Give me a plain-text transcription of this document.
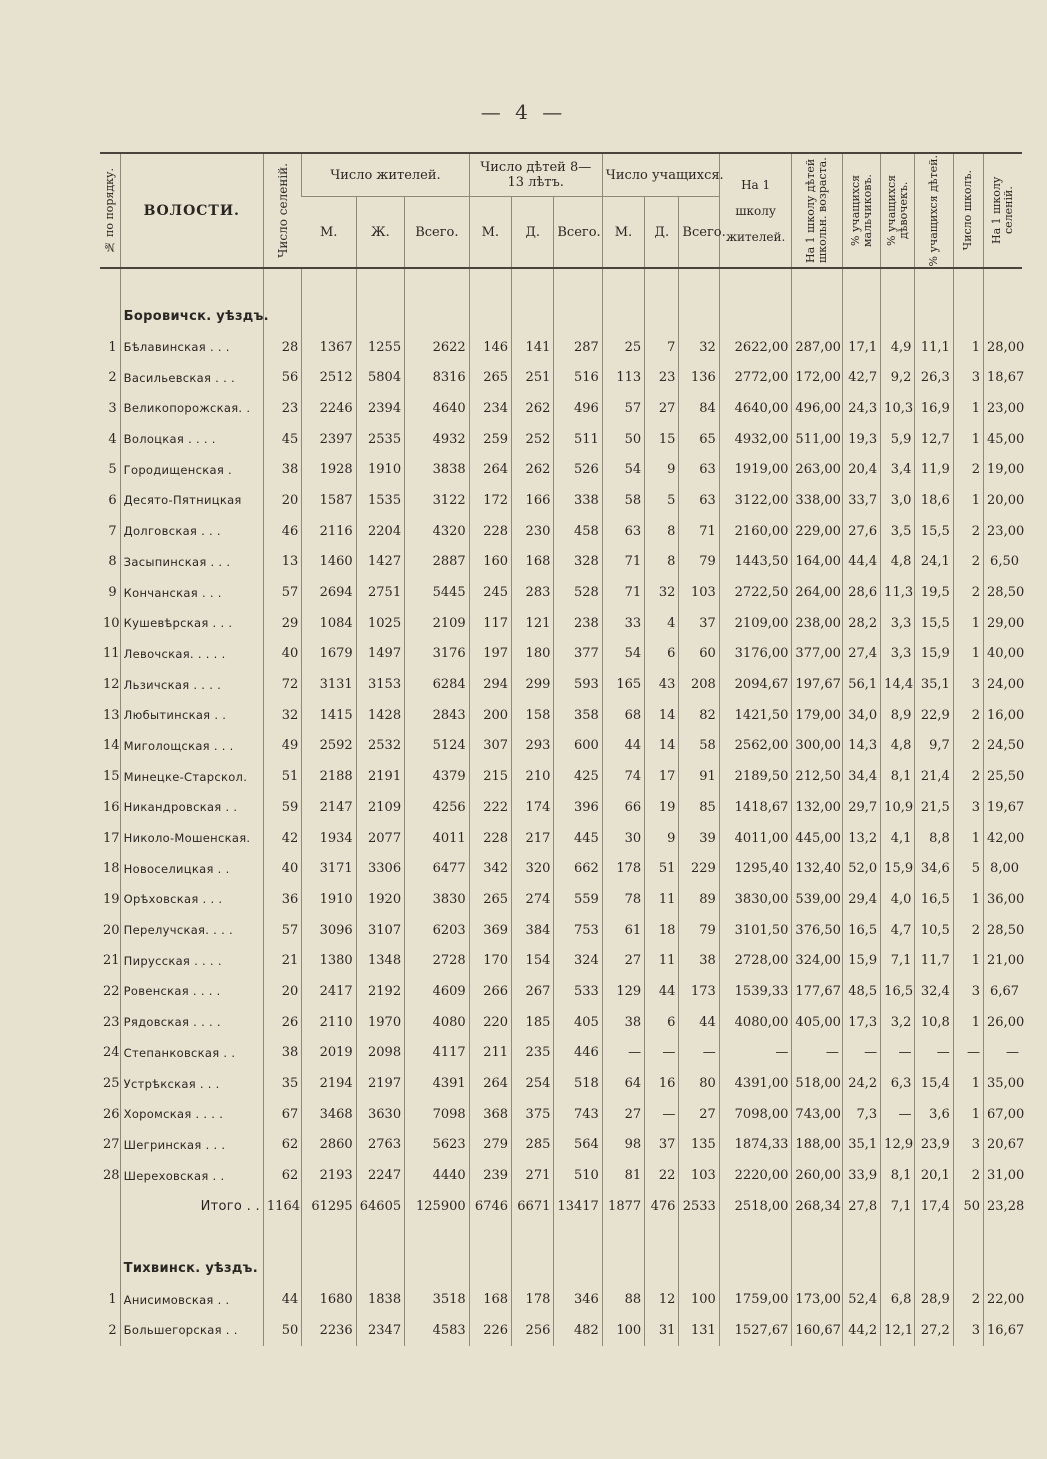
— 4 —
№ по порядку.	ВОЛОСТИ.	Число селеній.	Число жителей.			Число дѣтей 8—13 лѣтъ.			Число учащихся.			На 1 школу жителей.	На 1 школу дѣтей школьн. возраста.	% учащихся мальчиковъ.	% учащихся дѣвочекъ.	% учащихся дѣтей.	Число школъ.	На 1 школу селеній.

			М.	Ж.	Всего.	М.	Д.	Всего.	М.	Д.	Всего.							

	Боровичск. уѣздъ.																	
1	Бѣлавинская . . .	28	1367	1255	2622	146	141	287	25	7	32	2622,00	287,00	17,1	4,9	11,1	1	28,00
2	Васильевская . . .	56	2512	5804	8316	265	251	516	113	23	136	2772,00	172,00	42,7	9,2	26,3	3	18,67
3	Великопорожская. .	23	2246	2394	4640	234	262	496	57	27	84	4640,00	496,00	24,3	10,3	16,9	1	23,00
4	Волоцкая . . . .	45	2397	2535	4932	259	252	511	50	15	65	4932,00	511,00	19,3	5,9	12,7	1	45,00
5	Городищенская .	38	1928	1910	3838	264	262	526	54	9	63	1919,00	263,00	20,4	3,4	11,9	2	19,00
6	Десято-Пятницкая	20	1587	1535	3122	172	166	338	58	5	63	3122,00	338,00	33,7	3,0	18,6	1	20,00
7	Долговская . . .	46	2116	2204	4320	228	230	458	63	8	71	2160,00	229,00	27,6	3,5	15,5	2	23,00
8	Засыпинская . . .	13	1460	1427	2887	160	168	328	71	8	79	1443,50	164,00	44,4	4,8	24,1	2	6,50
9	Кончанская . . .	57	2694	2751	5445	245	283	528	71	32	103	2722,50	264,00	28,6	11,3	19,5	2	28,50
10	Кушевѣрская . . .	29	1084	1025	2109	117	121	238	33	4	37	2109,00	238,00	28,2	3,3	15,5	1	29,00
11	Левочская. . . . .	40	1679	1497	3176	197	180	377	54	6	60	3176,00	377,00	27,4	3,3	15,9	1	40,00
12	Льзичская . . . .	72	3131	3153	6284	294	299	593	165	43	208	2094,67	197,67	56,1	14,4	35,1	3	24,00
13	Любытинская . .	32	1415	1428	2843	200	158	358	68	14	82	1421,50	179,00	34,0	8,9	22,9	2	16,00
14	Миголощская . . .	49	2592	2532	5124	307	293	600	44	14	58	2562,00	300,00	14,3	4,8	9,7	2	24,50
15	Минецке-Старскол.	51	2188	2191	4379	215	210	425	74	17	91	2189,50	212,50	34,4	8,1	21,4	2	25,50
16	Никандровская . .	59	2147	2109	4256	222	174	396	66	19	85	1418,67	132,00	29,7	10,9	21,5	3	19,67
17	Николо-Мошенская.	42	1934	2077	4011	228	217	445	30	9	39	4011,00	445,00	13,2	4,1	8,8	1	42,00
18	Новоселицкая . .	40	3171	3306	6477	342	320	662	178	51	229	1295,40	132,40	52,0	15,9	34,6	5	8,00
19	Орѣховская . . .	36	1910	1920	3830	265	274	559	78	11	89	3830,00	539,00	29,4	4,0	16,5	1	36,00
20	Перелучская. . . .	57	3096	3107	6203	369	384	753	61	18	79	3101,50	376,50	16,5	4,7	10,5	2	28,50
21	Пирусская . . . .	21	1380	1348	2728	170	154	324	27	11	38	2728,00	324,00	15,9	7,1	11,7	1	21,00
22	Ровенская . . . .	20	2417	2192	4609	266	267	533	129	44	173	1539,33	177,67	48,5	16,5	32,4	3	6,67
23	Рядовская . . . .	26	2110	1970	4080	220	185	405	38	6	44	4080,00	405,00	17,3	3,2	10,8	1	26,00
24	Степанковская . .	38	2019	2098	4117	211	235	446	—	—	—	—	—	—	—	—	—	—
25	Устрѣкская . . .	35	2194	2197	4391	264	254	518	64	16	80	4391,00	518,00	24,2	6,3	15,4	1	35,00
26	Хоромская . . . .	67	3468	3630	7098	368	375	743	27	—	27	7098,00	743,00	7,3	—	3,6	1	67,00
27	Шегринская . . .	62	2860	2763	5623	279	285	564	98	37	135	1874,33	188,00	35,1	12,9	23,9	3	20,67
28	Шереховская . .	62	2193	2247	4440	239	271	510	81	22	103	2220,00	260,00	33,9	8,1	20,1	2	31,00
	Итого . .	1164	61295	64605	125900	6746	6671	13417	1877	476	2533	2518,00	268,34	27,8	7,1	17,4	50	23,28

	Тихвинск. уѣздъ.																	
1	Анисимовская . .	44	1680	1838	3518	168	178	346	88	12	100	1759,00	173,00	52,4	6,8	28,9	2	22,00
2	Большегорская . .	50	2236	2347	4583	226	256	482	100	31	131	1527,67	160,67	44,2	12,1	27,2	3	16,67
